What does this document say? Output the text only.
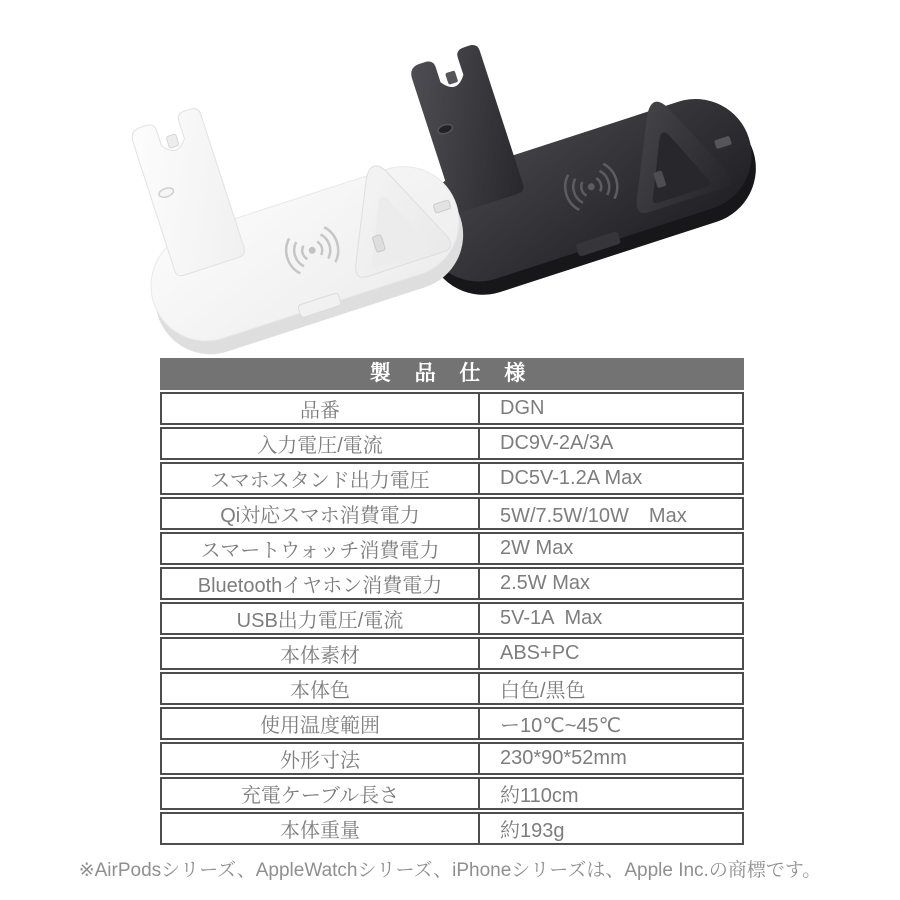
製 品 仕 様
品番	DGN
入力電圧/電流	DC9V-2A/3A
スマホスタンド出力電圧	DC5V-1.2A Max
Qi対応スマホ消費電力	5W/7.5W/10W　Max
スマートウォッチ消費電力	2W Max
Bluetoothイヤホン消費電力	2.5W Max
USB出力電圧/電流	5V-1A  Max
本体素材	ABS+PC
本体色	白色/黒色
使用温度範囲	ー10℃~45℃
外形寸法	230*90*52mm
充電ケーブル長さ	約110cm
本体重量	約193g
※AirPodsシリーズ、AppleWatchシリーズ、iPhoneシリーズは、Apple Inc.の商標です。
